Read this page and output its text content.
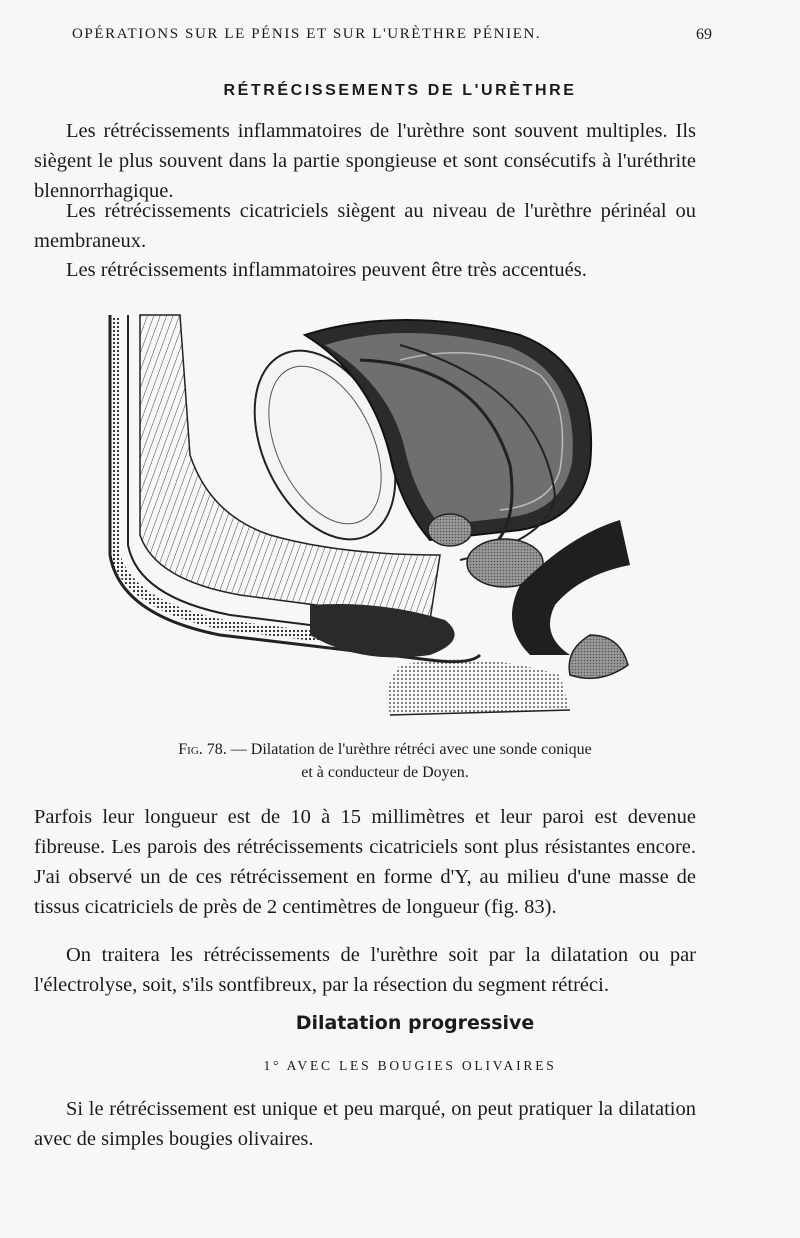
OPÉRATIONS SUR LE PÉNIS ET SUR L'URÈTHRE PÉNIEN.	69
RÉTRÉCISSEMENTS DE L'URÈTHRE

Les rétrécissements inflammatoires de l'urèthre sont souvent multiples. Ils siègent le plus souvent dans la partie spongieuse et sont consécutifs à l'uréthrite blennorrhagique.

Les rétrécissements cicatriciels siègent au niveau de l'urèthre périnéal ou membraneux.

Les rétrécissements inflammatoires peuvent être très accentués.

Fig. 78. — Dilatation de l'urèthre rétréci avec une sonde conique
et à conducteur de Doyen.

Parfois leur longueur est de 10 à 15 millimètres et leur paroi est devenue fibreuse. Les parois des rétrécissements cicatriciels sont plus résistantes encore. J'ai observé un de ces rétrécissement en forme d'Y, au milieu d'une masse de tissus cicatriciels de près de 2 centimètres de longueur (fig. 83).

On traitera les rétrécissements de l'urèthre soit par la dilatation ou par l'électrolyse, soit, s'ils sontfibreux, par la résection du segment rétréci.

Dilatation progressive
1° AVEC LES BOUGIES OLIVAIRES

Si le rétrécissement est unique et peu marqué, on peut pratiquer la dilatation avec de simples bougies olivaires.
